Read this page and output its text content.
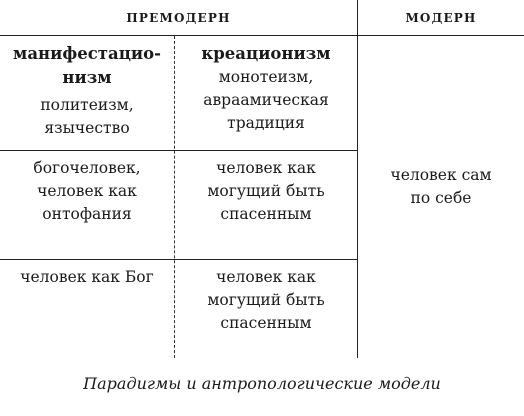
ПРЕМОДЕРН	МОДЕРН
манифестацио-
низм
политеизм,
язычество
креационизм
монотеизм,
авраамическая
традиция
богочеловек,
человек как
онтофания
человек как
могущий быть
спасенным
человек как Бог	человек как
могущий быть
спасенным
человек сам
по себе
Парадигмы и антропологические модели
